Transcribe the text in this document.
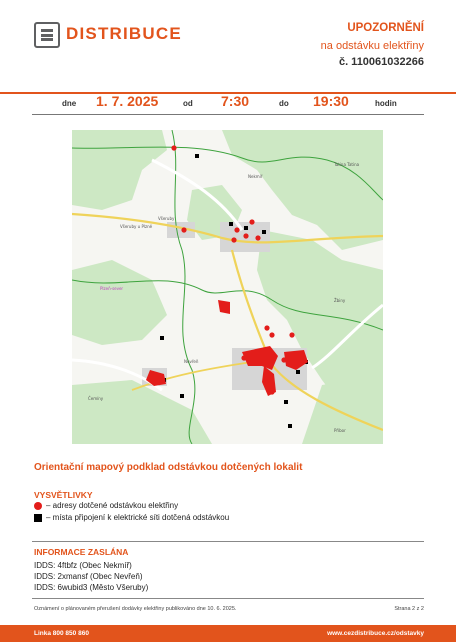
DISTRIBUCE	UPOZORNĚNÍ
na odstávku elektřiny
č. 110061032266
dne 1. 7. 2025	od 7:30	do 19:30	hodin
Nekmíř
Všeruby
Všeruby u Plzně
Tatina Tatina
Plzeň-sever
Nevřeň
Čemíny
Žbiny
Příbor
Orientační mapový podklad odstávkou dotčených lokalit
VYSVĚTLIVKY
– adresy dotčené odstávkou elektřiny
– místa připojení k elektrické síti dotčená odstávkou
INFORMACE ZASLÁNA
IDDS: 4ftbfz (Obec Nekmíř)
IDDS: 2xmansf (Obec Nevřeň)
IDDS: 6wubid3 (Město Všeruby)
Oznámení o plánovaném přerušení dodávky elektřiny publikováno dne 10. 6. 2025.	Strana 2 z 2
Linka 800 850 860	www.cezdistribuce.cz/odstavky
